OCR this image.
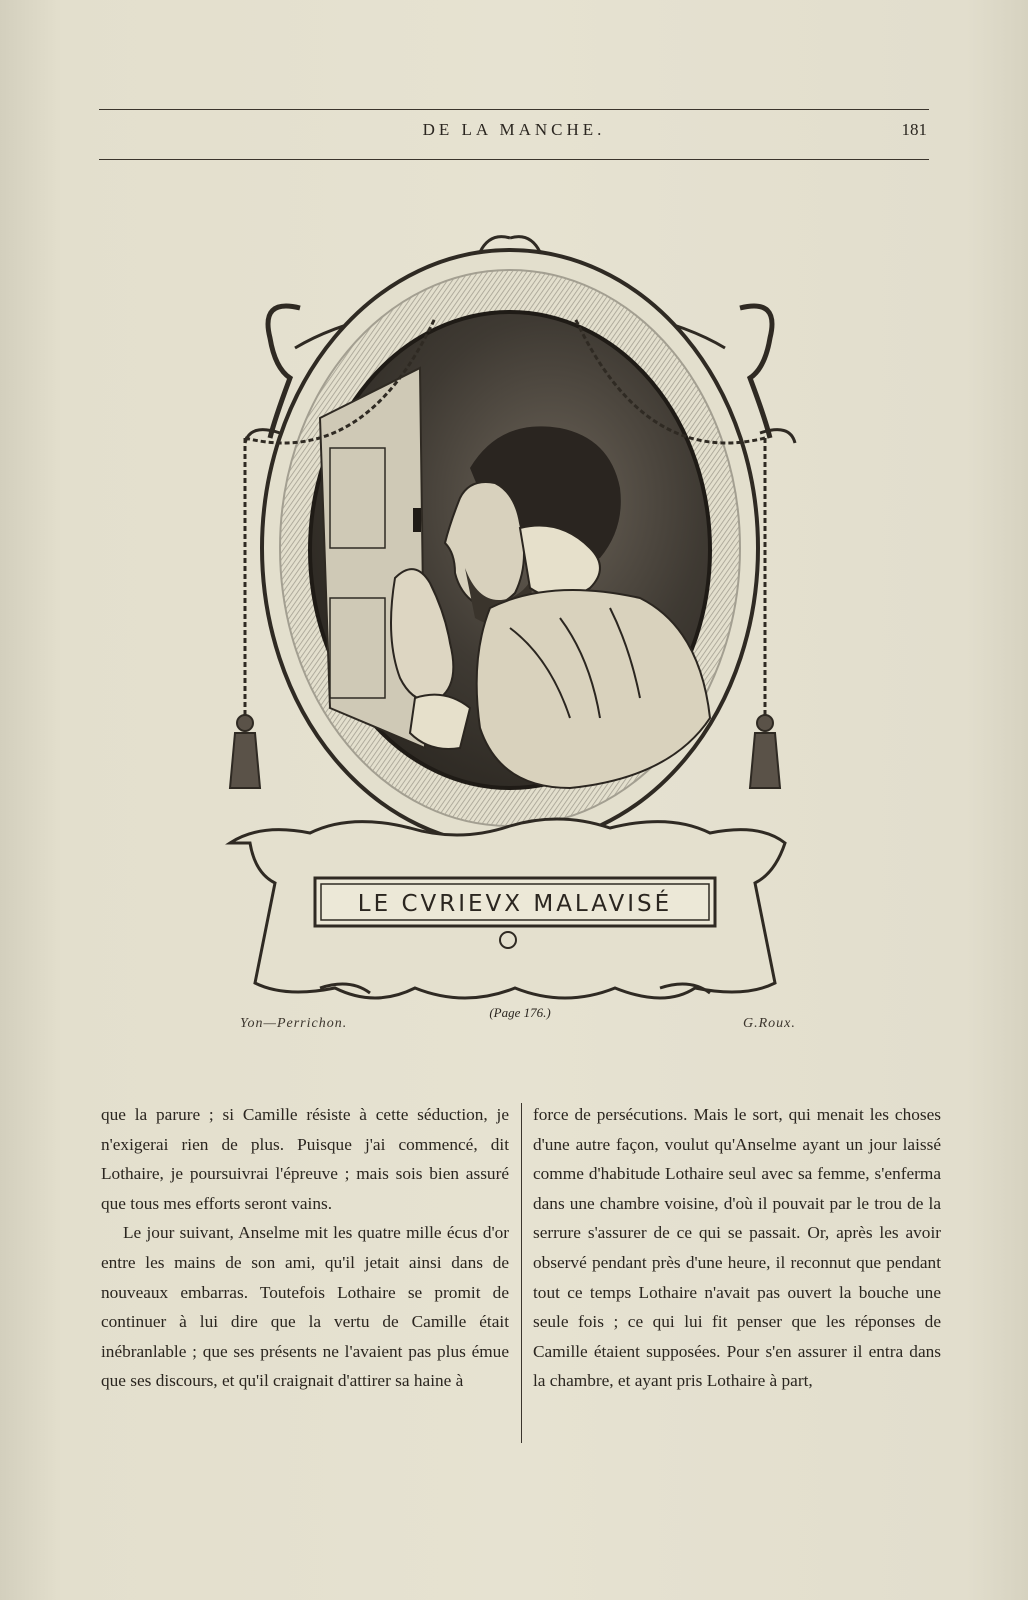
DE LA MANCHE.	181
LE CVRIEVX MALAVISÉ
(Page 176.)
Yon—Perrichon.	G.Roux.

que la parure ; si Camille résiste à cette séduction, je n'exigerai rien de plus. Puisque j'ai commencé, dit Lothaire, je poursuivrai l'épreuve ; mais sois bien assuré que tous mes efforts seront vains.

Le jour suivant, Anselme mit les quatre mille écus d'or entre les mains de son ami, qu'il jetait ainsi dans de nouveaux embarras. Toutefois Lothaire se promit de continuer à lui dire que la vertu de Camille était inébranlable ; que ses présents ne l'avaient pas plus émue que ses discours, et qu'il craignait d'attirer sa haine à

force de persécutions. Mais le sort, qui menait les choses d'une autre façon, voulut qu'Anselme ayant un jour laissé comme d'habitude Lothaire seul avec sa femme, s'enferma dans une chambre voisine, d'où il pouvait par le trou de la serrure s'assurer de ce qui se passait. Or, après les avoir observé pendant près d'une heure, il reconnut que pendant tout ce temps Lothaire n'avait pas ouvert la bouche une seule fois ; ce qui lui fit penser que les réponses de Camille étaient supposées. Pour s'en assurer il entra dans la chambre, et ayant pris Lothaire à part,
